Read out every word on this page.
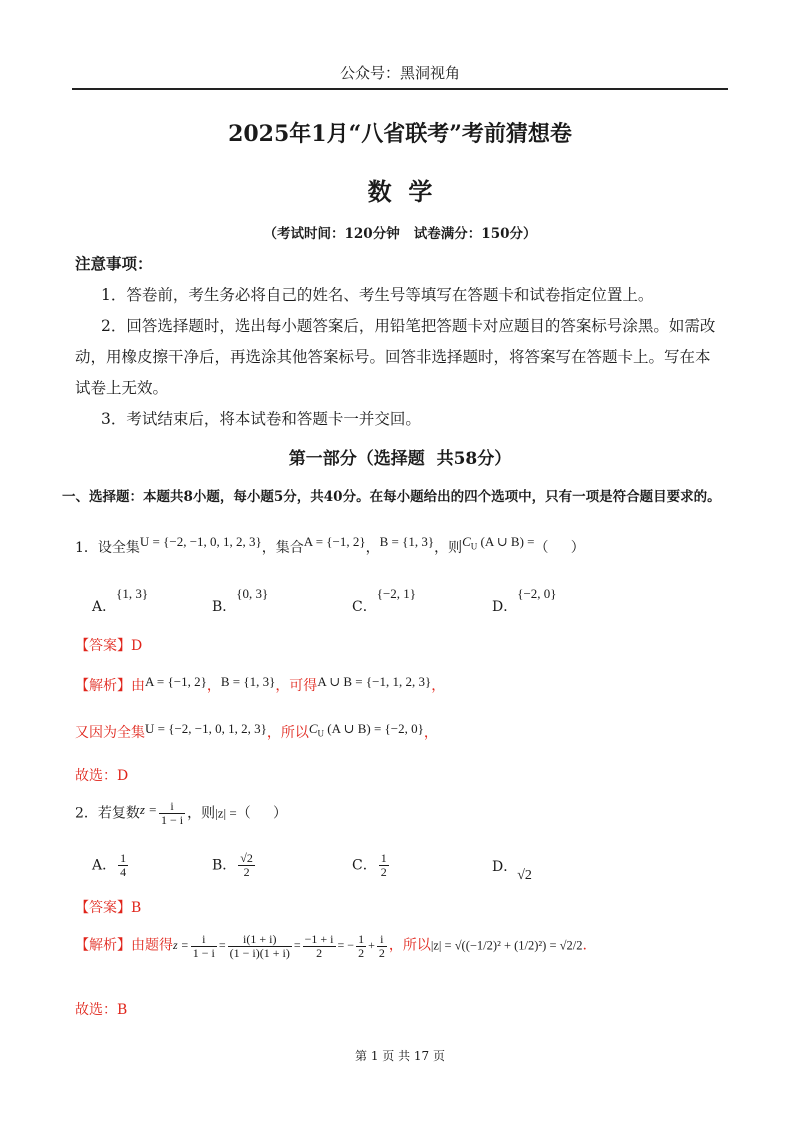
公众号：黑洞视角
2025年1月“八省联考”考前猜想卷
数  学
（考试时间：120分钟   试卷满分：150分）
注意事项：
1．答卷前，考生务必将自己的姓名、考生号等填写在答题卡和试卷指定位置上。
2．回答选择题时，选出每小题答案后，用铅笔把答题卡对应题目的答案标号涂黑。如需改动，用橡皮擦干净后，再选涂其他答案标号。回答非选择题时，将答案写在答题卡上。写在本试卷上无效。
3．考试结束后，将本试卷和答题卡一并交回。
第一部分（选择题  共58分）
一、选择题：本题共8小题，每小题5分，共40分。在每小题给出的四个选项中，只有一项是符合题目要求的。
1．设全集U = {−2, −1, 0, 1, 2, 3}，集合A = {−1, 2}，B = {1, 3}，则$C_U$ (A ∪ B) =（     ）
A．{1, 3}
B．{0, 3}
C．{−2, 1}
D．{−2, 0}
【答案】D
【解析】由A = {−1, 2}，B = {1, 3}，可得A ∪ B = {−1, 1, 2, 3}，
又因为全集U = {−2, −1, 0, 1, 2, 3}，所以$C_U$ (A ∪ B) = {−2, 0}，
故选：D
2．若复数$z = \frac{i}{1 - i}$ ，则|z| =（     ）
A． $\frac{1}{4}$	B． $\frac{√2}{2}$	C． $\frac{1}{2}$	D．√2
【答案】B
【解析】由题得$z = \frac{i}{1 - i} = \frac{i(1 + i)}{(1 - i)(1 + i)} = \frac{-1 + i}{2}$ = − $\frac{1}{2} + \frac{i}{2}$ ，所以|z| = √((−1/2)² + (1/2)²) = √2/2.
故选：B
第 1 页 共 17 页
